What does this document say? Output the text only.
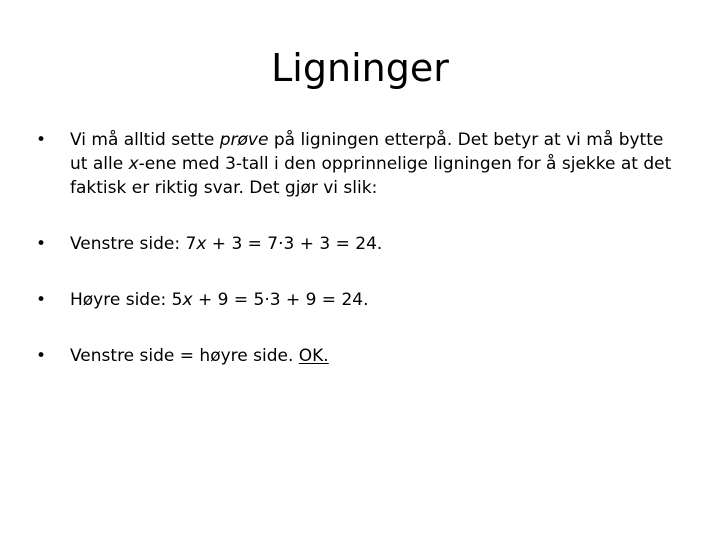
Ligninger
•	Vi må alltid sette prøve på ligningen etterpå. Det betyr at vi må bytte ut alle x-ene med 3-tall i den opprinnelige ligningen for å sjekke at det faktisk er riktig svar. Det gjør vi slik:
•	Venstre side: 7x + 3 = 7·3 + 3 = 24.
•	Høyre side: 5x + 9 = 5·3 + 9 = 24.
•	Venstre side = høyre side. OK.
